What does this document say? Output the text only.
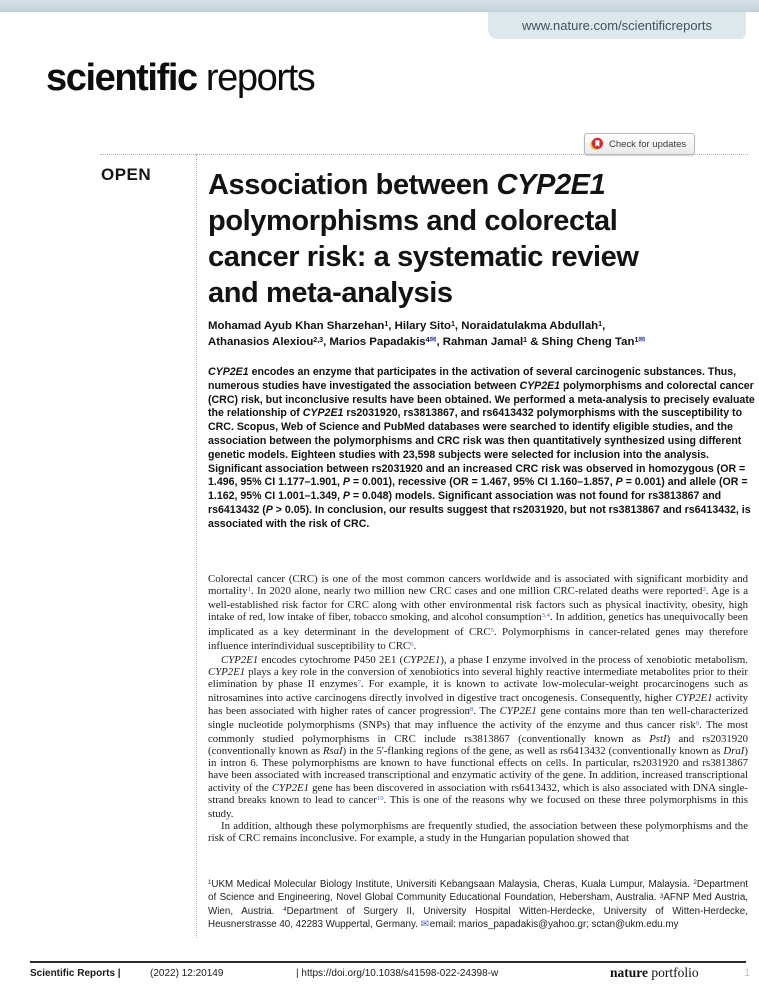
www.nature.com/scientificreports
scientific reports
Check for updates
OPEN Association between CYP2E1
polymorphisms and colorectal
cancer risk: a systematic review
and meta-analysis
Mohamad Ayub Khan Sharzehan$^1$, Hilary Sito$^1$, Noraidatulakma Abdullah$^1$,
Athanasios Alexiou$^{2,3}$, Marios Papadakis$^{4✉}$, Rahman Jamal$^1$ & Shing Cheng Tan$^{1✉}$
CYP2E1 encodes an enzyme that participates in the activation of several carcinogenic substances. Thus, numerous studies have investigated the association between CYP2E1 polymorphisms and colorectal cancer (CRC) risk, but inconclusive results have been obtained. We performed a meta-analysis to precisely evaluate the relationship of CYP2E1 rs2031920, rs3813867, and rs6413432 polymorphisms with the susceptibility to CRC. Scopus, Web of Science and PubMed databases were searched to identify eligible studies, and the association between the polymorphisms and CRC risk was then quantitatively synthesized using different genetic models. Eighteen studies with 23,598 subjects were selected for inclusion into the analysis. Significant association between rs2031920 and an increased CRC risk was observed in homozygous (OR = 1.496, 95% CI 1.177–1.901, P = 0.001), recessive (OR = 1.467, 95% CI 1.160–1.857, P = 0.001) and allele (OR = 1.162, 95% CI 1.001–1.349, P = 0.048) models. Significant association was not found for rs3813867 and rs6413432 (P > 0.05). In conclusion, our results suggest that rs2031920, but not rs3813867 and rs6413432, is associated with the risk of CRC.

Colorectal cancer (CRC) is one of the most common cancers worldwide and is associated with significant morbidity and mortality$^1$. In 2020 alone, nearly two million new CRC cases and one million CRC-related deaths were reported$^2$. Age is a well-established risk factor for CRC along with other environmental risk factors such as physical inactivity, obesity, high intake of red, low intake of fiber, tobacco smoking, and alcohol consumption$^{3,4}$. In addition, genetics has unequivocally been implicated as a key determinant in the development of CRC$^5$. Polymorphisms in cancer-related genes may therefore influence interindividual susceptibility to CRC$^6$.

CYP2E1 encodes cytochrome P450 2E1 (CYP2E1), a phase I enzyme involved in the process of xenobiotic metabolism. CYP2E1 plays a key role in the conversion of xenobiotics into several highly reactive intermediate metabolites prior to their elimination by phase II enzymes$^7$. For example, it is known to activate low-molecular-weight procarcinogens such as nitrosamines into active carcinogens directly involved in digestive tract oncogenesis. Consequently, higher CYP2E1 activity has been associated with higher rates of cancer progression$^8$. The CYP2E1 gene contains more than ten well-characterized single nucleotide polymorphisms (SNPs) that may influence the activity of the enzyme and thus cancer risk$^9$. The most commonly studied polymorphisms in CRC include rs3813867 (conventionally known as PstI) and rs2031920 (conventionally known as RsaI) in the 5'-flanking regions of the gene, as well as rs6413432 (conventionally known as DraI) in intron 6. These polymorphisms are known to have functional effects on cells. In particular, rs2031920 and rs3813867 have been associated with increased transcriptional and enzymatic activity of the gene. In addition, increased transcriptional activity of the CYP2E1 gene has been discovered in association with rs6413432, which is also associated with DNA single-strand breaks known to lead to cancer$^{10}$. This is one of the reasons why we focused on these three polymorphisms in this study.

In addition, although these polymorphisms are frequently studied, the association between these polymorphisms and the risk of CRC remains inconclusive. For example, a study in the Hungarian population showed that

$^1$UKM Medical Molecular Biology Institute, Universiti Kebangsaan Malaysia, Cheras, Kuala Lumpur, Malaysia. $^2$Department of Science and Engineering, Novel Global Community Educational Foundation, Hebersham, Australia. $^3$AFNP Med Austria, Wien, Austria. $^4$Department of Surgery II, University Hospital Witten-Herdecke, University of Witten-Herdecke, Heusnerstrasse 40, 42283 Wuppertal, Germany. ✉email: marios_papadakis@yahoo.gr; sctan@ukm.edu.my
Scientific Reports |	(2022) 12:20149	| https://doi.org/10.1038/s41598-022-24398-w	nature portfolio	1
